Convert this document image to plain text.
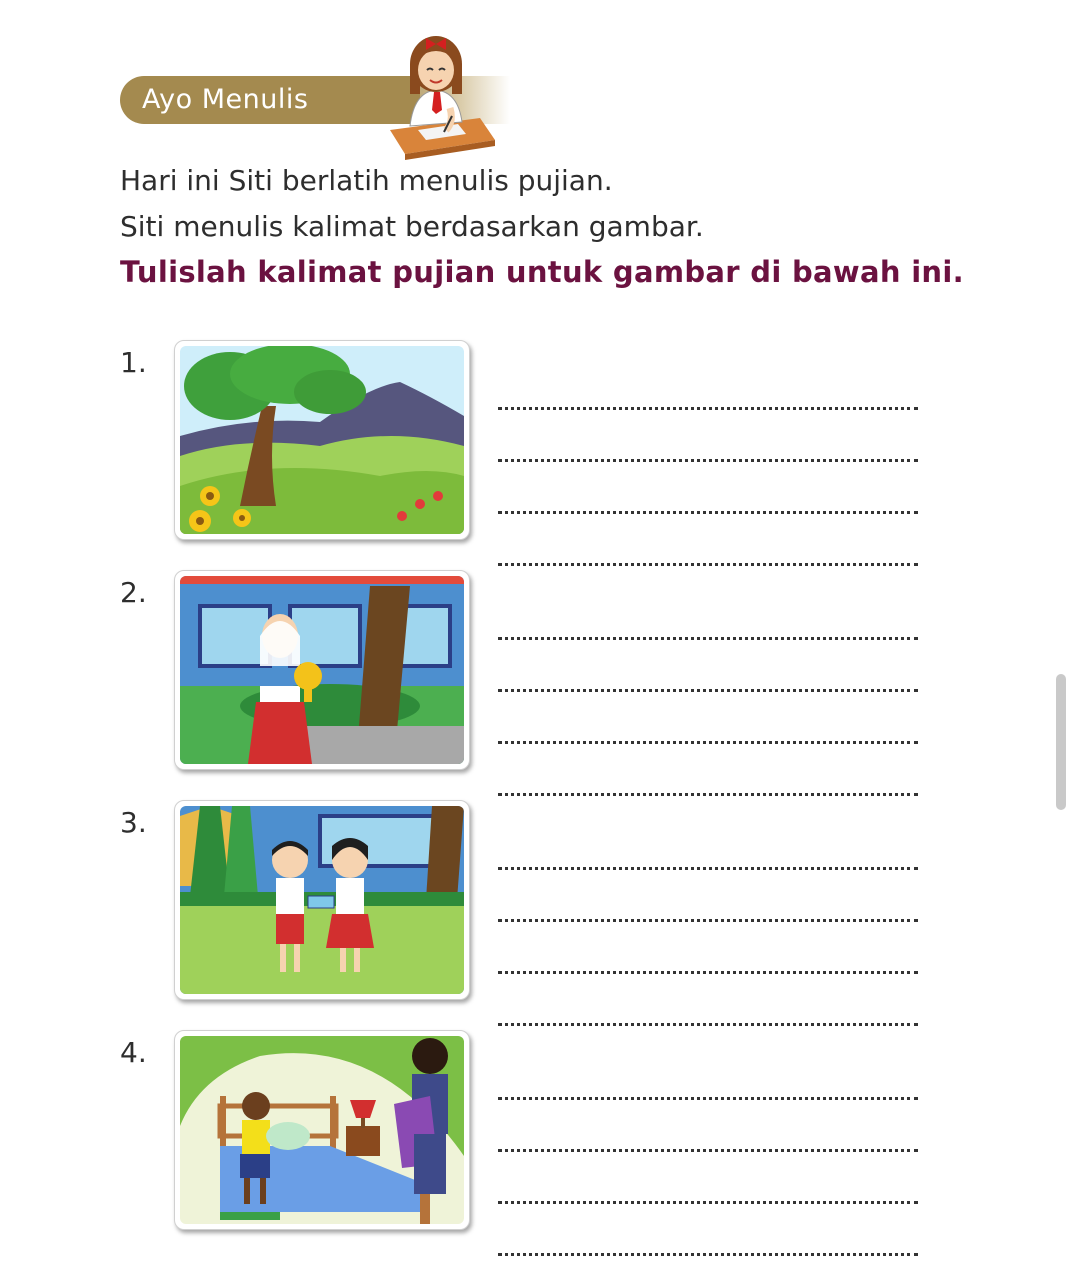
Ayo Menulis

Hari ini Siti berlatih menulis pujian.

Siti menulis kalimat berdasarkan gambar.

Tulislah kalimat pujian untuk gambar di bawah ini.
1.
2.
3.
4.
